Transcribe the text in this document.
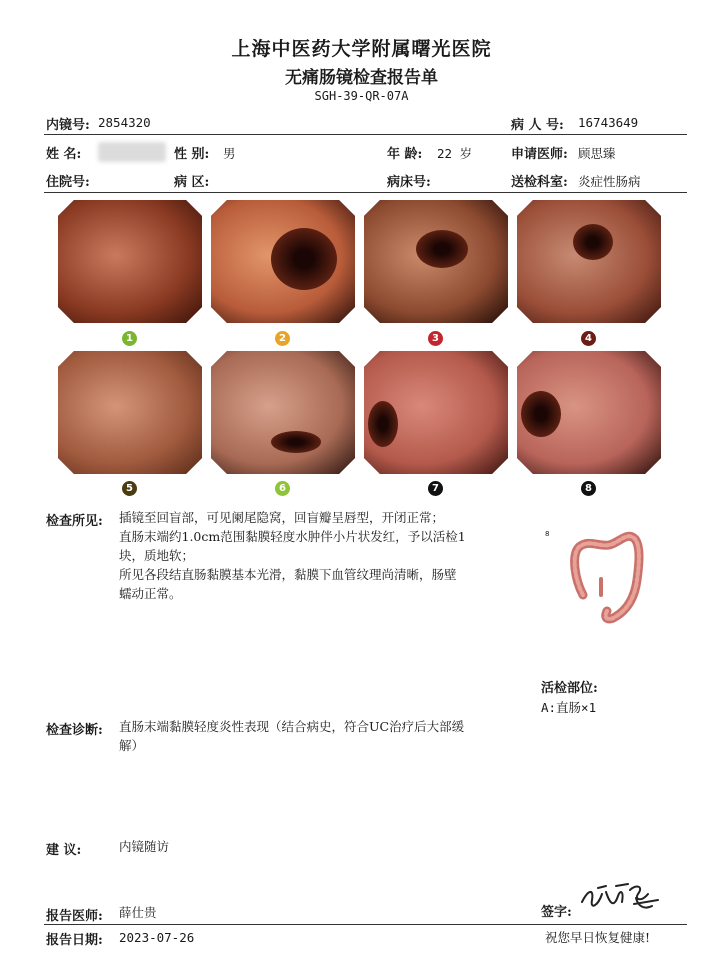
上海中医药大学附属曙光医院
无痛肠镜检查报告单
SGH-39-QR-07A
内镜号: 2854320	病 人 号: 16743649
姓 名:	性 别: 男	年 龄: 22 岁	申请医师: 顾思臻
住院号:	病 区:	病床号:	送检科室: 炎症性肠病
1	2	3	4
5	6	7	8
检查所见: 插镜至回盲部，可见阑尾隐窝，回盲瓣呈唇型，开闭正常；
直肠末端约1.0cm范围黏膜轻度水肿伴小片状发红，予以活检1
块，质地软；
所见各段结直肠黏膜基本光滑，黏膜下血管纹理尚清晰，肠壁
蠕动正常。
8
活检部位:
A:直肠×1
检查诊断: 直肠末端黏膜轻度炎性表现（结合病史，符合UC治疗后大部缓
解）
建 议:	内镜随访
报告医师: 薛仕贵	签字:
报告日期: 2023-07-26	祝您早日恢复健康!
